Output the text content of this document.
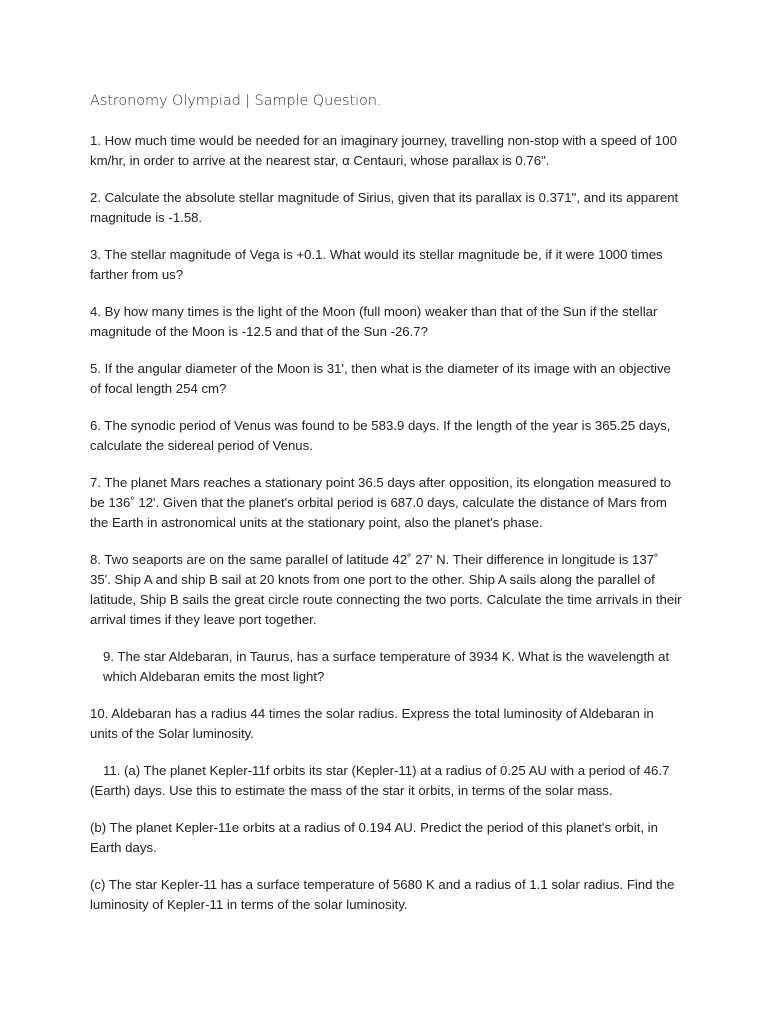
Astronomy Olympiad | Sample Question.

1. How much time would be needed for an imaginary journey, travelling non-stop with a speed of 100 km/hr, in order to arrive at the nearest star, α Centauri, whose parallax is 0.76".

2. Calculate the absolute stellar magnitude of Sirius, given that its parallax is 0.371", and its apparent magnitude is -1.58.

3. The stellar magnitude of Vega is +0.1. What would its stellar magnitude be, if it were 1000 times farther from us?

4. By how many times is the light of the Moon (full moon) weaker than that of the Sun if the stellar magnitude of the Moon is -12.5 and that of the Sun -26.7?

5. If the angular diameter of the Moon is 31', then what is the diameter of its image with an objective of focal length 254 cm?

6. The synodic period of Venus was found to be 583.9 days. If the length of the year is 365.25 days, calculate the sidereal period of Venus.

7. The planet Mars reaches a stationary point 36.5 days after opposition, its elongation measured to be 136˚ 12'. Given that the planet's orbital period is 687.0 days, calculate the distance of Mars from the Earth in astronomical units at the stationary point, also the planet's phase.

8. Two seaports are on the same parallel of latitude 42˚ 27' N. Their difference in longitude is 137˚ 35'. Ship A and ship B sail at 20 knots from one port to the other. Ship A sails along the parallel of latitude, Ship B sails the great circle route connecting the two ports. Calculate the time arrivals in their arrival times if they leave port together.

9. The star Aldebaran, in Taurus, has a surface temperature of 3934 K. What is the wavelength at which Aldebaran emits the most light?

10. Aldebaran has a radius 44 times the solar radius. Express the total luminosity of Aldebaran in units of the Solar luminosity.

11. (a) The planet Kepler-11f orbits its star (Kepler-11) at a radius of 0.25 AU with a period of 46.7 (Earth) days. Use this to estimate the mass of the star it orbits, in terms of the solar mass.

(b) The planet Kepler-11e orbits at a radius of 0.194 AU. Predict the period of this planet's orbit, in Earth days.

(c) The star Kepler-11 has a surface temperature of 5680 K and a radius of 1.1 solar radius. Find the luminosity of Kepler-11 in terms of the solar luminosity.
